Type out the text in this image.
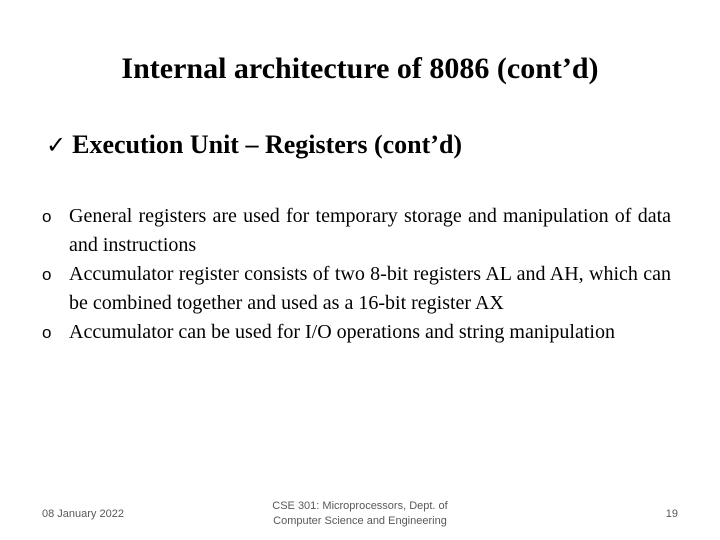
Internal architecture of 8086 (cont’d)
✓ Execution Unit – Registers (cont’d)
o General registers are used for temporary storage and manipulation of data and instructions
o Accumulator register consists of two 8-bit registers AL and AH, which can be combined together and used as a 16-bit register AX
o Accumulator can be used for I/O operations and string manipulation
08 January 2022
CSE 301: Microprocessors, Dept. of
Computer Science and Engineering
19
